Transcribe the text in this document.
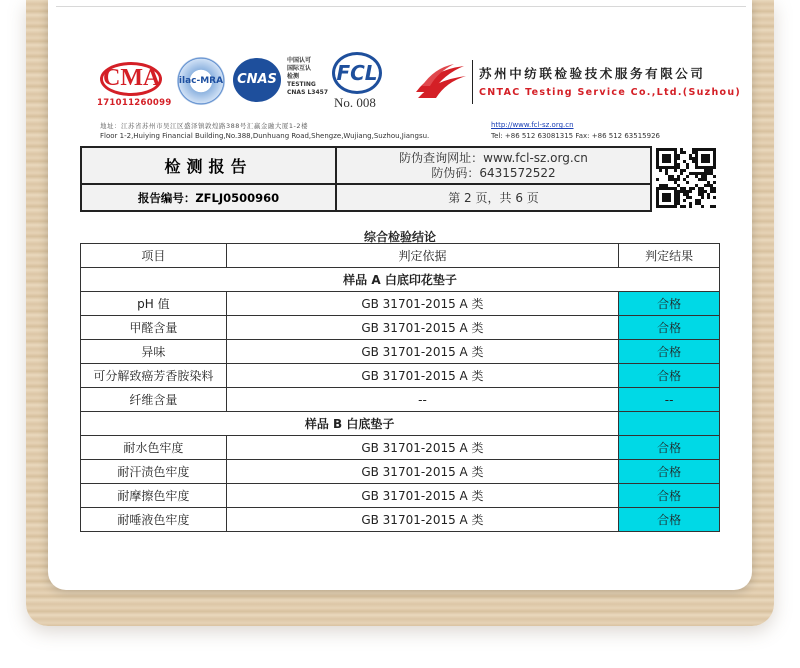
CMA
171011260099
ilac-MRA	CNAS
中国认可
国际互认
检测
TESTING
CNAS L3457
FCL
No. 008
苏州中纺联检验技术服务有限公司
CNTAC Testing Service Co.,Ltd.(Suzhou)
地址：江苏省苏州市吴江区盛泽镇敦煌路388号汇赢金融大厦1-2楼
Floor 1-2,Huiying Financial Building,No.388,Dunhuang Road,Shengze,Wujiang,Suzhou,Jiangsu.
http://www.fcl-sz.org.cn
Tel: +86 512 63081315 Fax: +86 512 63515926
检测报告	防伪查询网址：www.fcl-sz.org.cn
防伪码：6431572522

报告编号：ZFLJ0500960	第 2 页，共 6 页
综合检验结论
项目	判定依据	判定结果
样品 A 白底印花垫子		
pH 值	GB 31701-2015 A 类	合格
甲醛含量	GB 31701-2015 A 类	合格
异味	GB 31701-2015 A 类	合格
可分解致癌芳香胺染料	GB 31701-2015 A 类	合格
纤维含量	--	--
样品 B 白底垫子		
耐水色牢度	GB 31701-2015 A 类	合格
耐汗渍色牢度	GB 31701-2015 A 类	合格
耐摩擦色牢度	GB 31701-2015 A 类	合格
耐唾液色牢度	GB 31701-2015 A 类	合格
